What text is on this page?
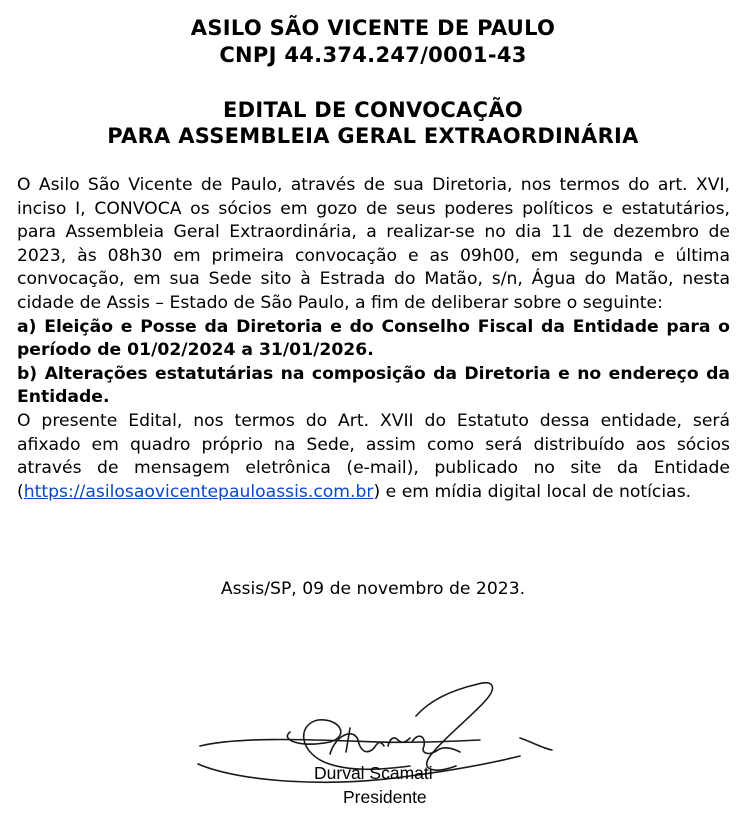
ASILO SÃO VICENTE DE PAULO
CNPJ 44.374.247/0001-43
EDITAL DE CONVOCAÇÃO
PARA ASSEMBLEIA GERAL EXTRAORDINÁRIA

O Asilo São Vicente de Paulo, através de sua Diretoria, nos termos do art. XVI, inciso I, CONVOCA os sócios em gozo de seus poderes políticos e estatutários, para Assembleia Geral Extraordinária, a realizar-se no dia 11 de dezembro de 2023, às 08h30 em primeira convocação e as 09h00, em segunda e última convocação, em sua Sede sito à Estrada do Matão, s/n, Água do Matão, nesta cidade de Assis – Estado de São Paulo, a fim de deliberar sobre o seguinte:

a) Eleição e Posse da Diretoria e do Conselho Fiscal da Entidade para o período de 01/02/2024 a 31/01/2026.

b) Alterações estatutárias na composição da Diretoria e no endereço da Entidade.

O presente Edital, nos termos do Art. XVII do Estatuto dessa entidade, será afixado em quadro próprio na Sede, assim como será distribuído aos sócios através de mensagem eletrônica (e-mail), publicado no site da Entidade (https://asilosaovicentepauloassis.com.br) e em mídia digital local de notícias.

Assis/SP, 09 de novembro de 2023.
Durval Scamati
Presidente
